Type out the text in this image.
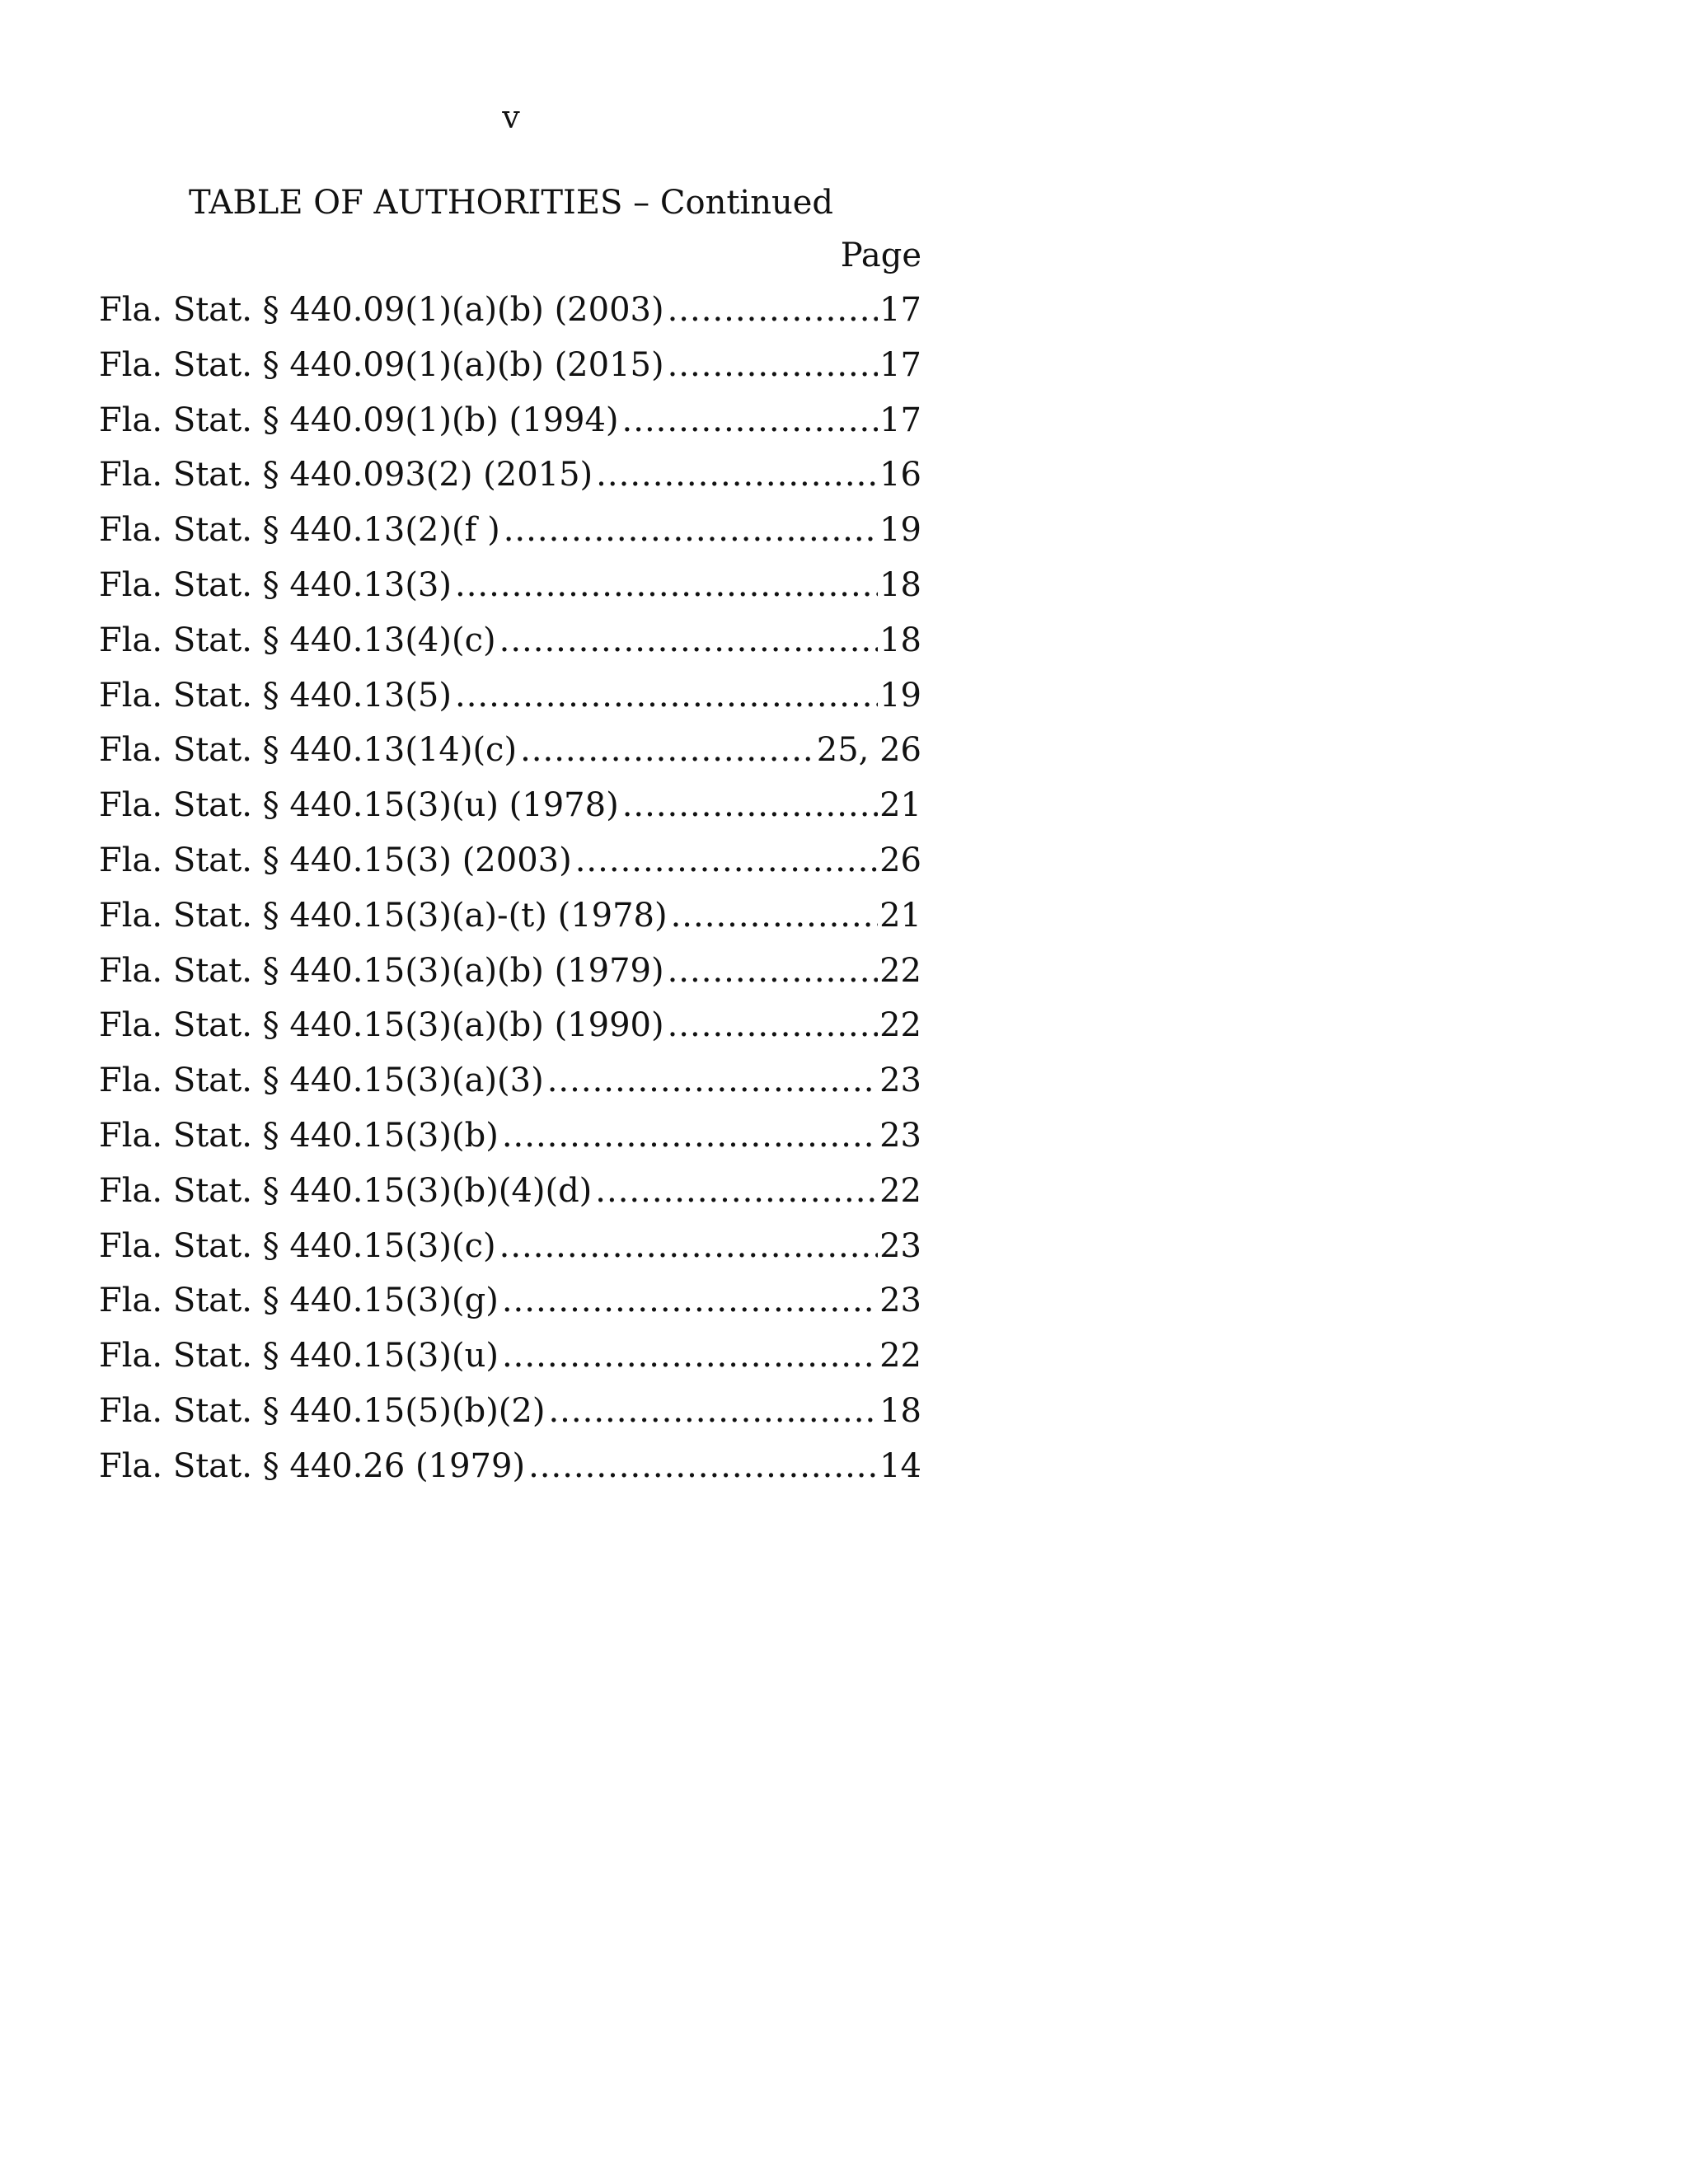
v
TABLE OF AUTHORITIES – Continued
Page
Fla. Stat. § 440.09(1)(a)(b) (2003) .....	17
Fla. Stat. § 440.09(1)(a)(b) (2015) .....	17
Fla. Stat. § 440.09(1)(b) (1994) .....	17
Fla. Stat. § 440.093(2) (2015) .....	16
Fla. Stat. § 440.13(2)(f ) .....	19
Fla. Stat. § 440.13(3) .....	18
Fla. Stat. § 440.13(4)(c) .....	18
Fla. Stat. § 440.13(5) .....	19
Fla. Stat. § 440.13(14)(c) .....	25, 26
Fla. Stat. § 440.15(3)(u) (1978) .....	21
Fla. Stat. § 440.15(3) (2003) .....	26
Fla. Stat. § 440.15(3)(a)-(t) (1978) .....	21
Fla. Stat. § 440.15(3)(a)(b) (1979) .....	22
Fla. Stat. § 440.15(3)(a)(b) (1990) .....	22
Fla. Stat. § 440.15(3)(a)(3) .....	23
Fla. Stat. § 440.15(3)(b) .....	23
Fla. Stat. § 440.15(3)(b)(4)(d) .....	22
Fla. Stat. § 440.15(3)(c) .....	23
Fla. Stat. § 440.15(3)(g) .....	23
Fla. Stat. § 440.15(3)(u) .....	22
Fla. Stat. § 440.15(5)(b)(2) .....	18
Fla. Stat. § 440.26 (1979) .....	14
